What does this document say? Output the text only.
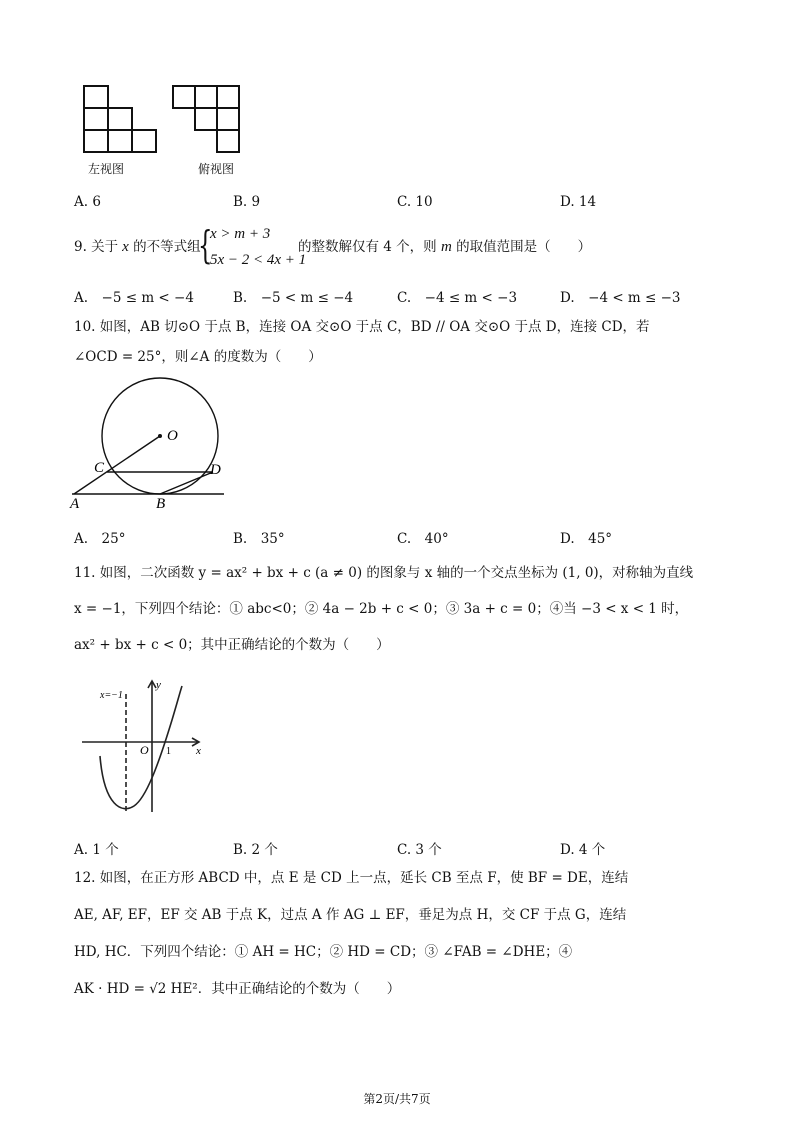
左视图	俯视图
A. 6	B. 9	C. 10	D. 14
9. 关于 x 的不等式组
{
x > m + 3
5x − 2 < 4x + 1
的整数解仅有 4 个，则 m 的取值范围是（　　）
A.　−5 ≤ m < −4	B.　−5 < m ≤ −4	C.　−4 ≤ m < −3	D.　−4 < m ≤ −3
10. 如图，AB 切⊙O 于点 B，连接 OA 交⊙O 于点 C，BD // OA 交⊙O 于点 D，连接 CD，若
∠OCD = 25°，则∠A 的度数为（　　）
O
C	D
A	B
A.　25°	B.　35°	C.　40°	D.　45°
11. 如图，二次函数 y = ax² + bx + c (a ≠ 0) 的图象与 x 轴的一个交点坐标为 (1, 0)，对称轴为直线
x = −1，下列四个结论：① abc<0；② 4a − 2b + c < 0；③ 3a + c = 0；④当 −3 < x < 1 时，
ax² + bx + c < 0；其中正确结论的个数为（　　）
x=−1
y
x
O 1
A. 1 个	B. 2 个	C. 3 个	D. 4 个
12. 如图，在正方形 ABCD 中，点 E 是 CD 上一点，延长 CB 至点 F，使 BF = DE，连结
AE, AF, EF，EF 交 AB 于点 K，过点 A 作 AG ⊥ EF，垂足为点 H，交 CF 于点 G，连结
HD, HC．下列四个结论：① AH = HC；② HD = CD；③ ∠FAB = ∠DHE；④
AK · HD = √2 HE²．其中正确结论的个数为（　　）
第2页/共7页
